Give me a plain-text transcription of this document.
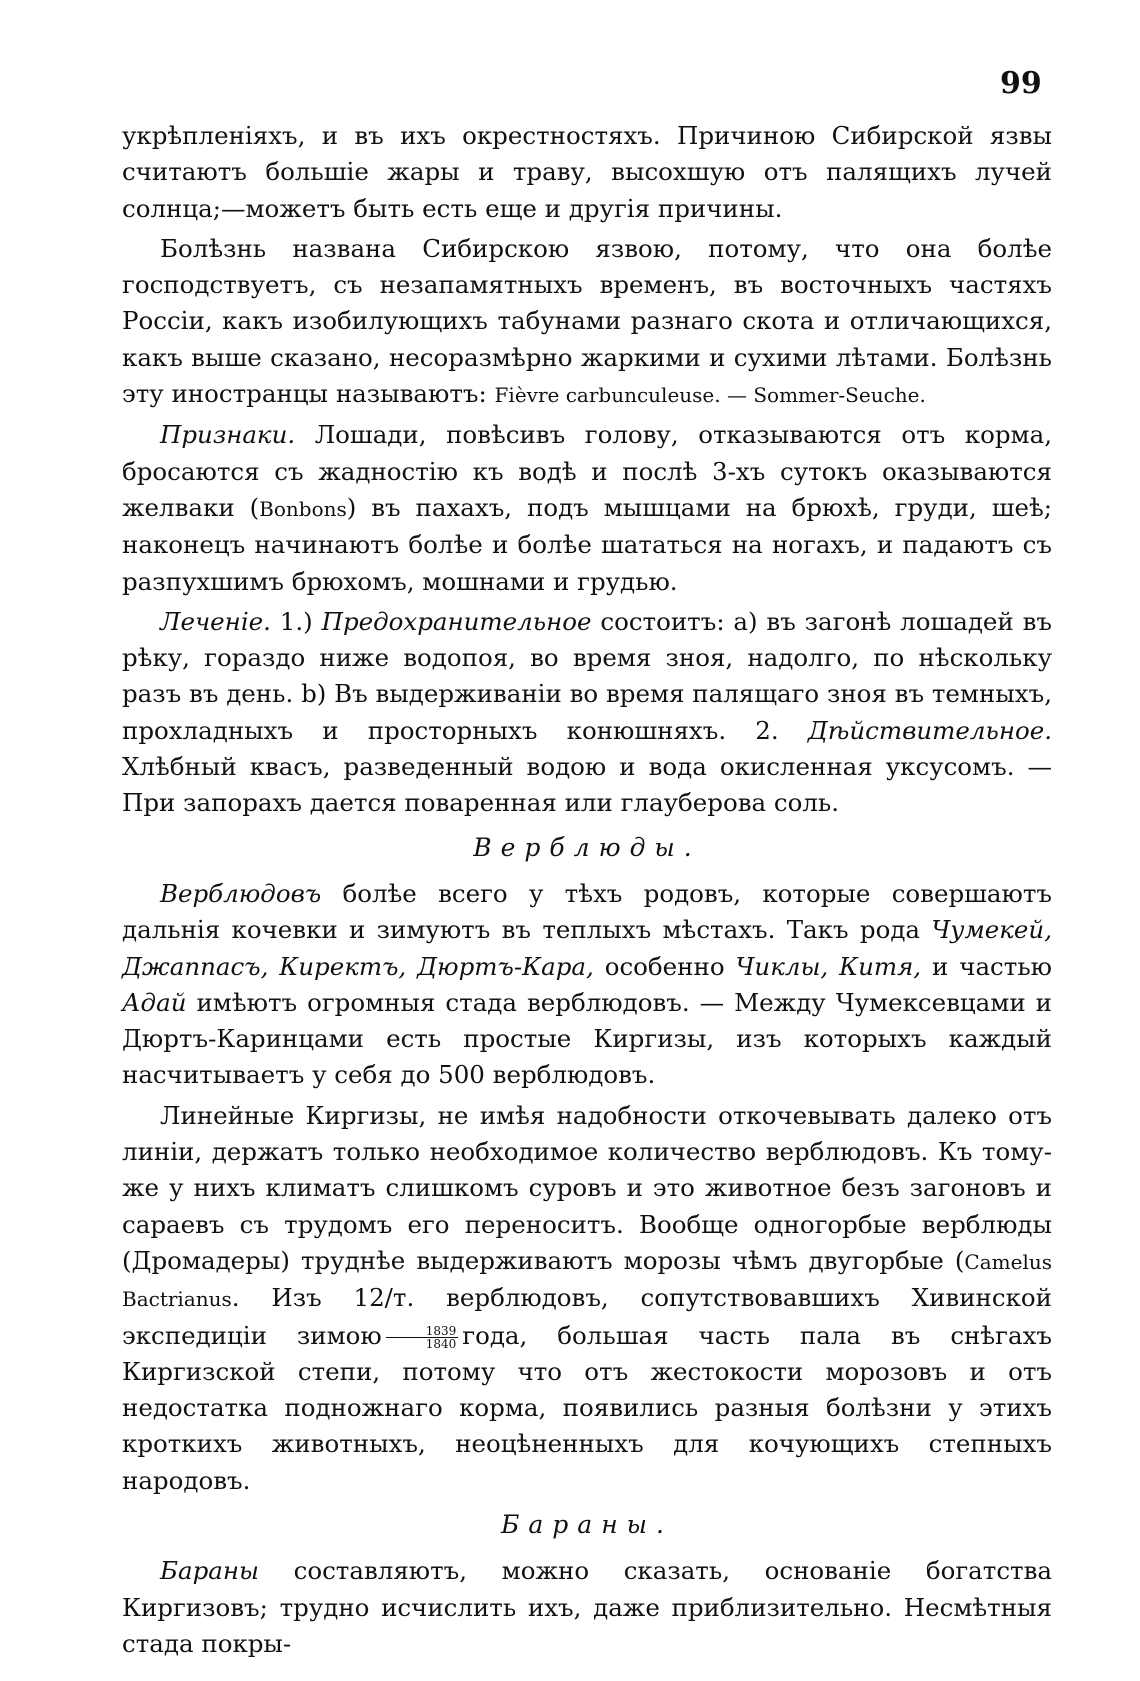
99

укрѣпленіяхъ, и въ ихъ окрестностяхъ. Причиною Сибирской язвы считаютъ большіе жары и траву, высохшую отъ палящихъ лучей солнца;—можетъ быть есть еще и другія причины.

Болѣзнь названа Сибирскою язвою, потому, что она болѣе господствуетъ, съ незапамятныхъ временъ, въ восточныхъ частяхъ Россіи, какъ изобилующихъ табунами разнаго скота и отличающихся, какъ выше сказано, несоразмѣрно жаркими и сухими лѣтами. Болѣзнь эту иностранцы называютъ: Fièvre carbunculeuse. — Sommer-Seuche.

Признаки. Лошади, повѣсивъ голову, отказываются отъ корма, бросаются съ жадностію къ водѣ и послѣ 3-хъ сутокъ оказываются желваки (Bonbons) въ пахахъ, подъ мышцами на брюхѣ, груди, шеѣ; наконецъ начинаютъ болѣе и болѣе шататься на ногахъ, и падаютъ съ разпухшимъ брюхомъ, мошнами и грудью.

Леченіе. 1.) Предохранительное состоитъ: a) въ загонѣ лошадей въ рѣку, гораздо ниже водопоя, во время зноя, надолго, по нѣскольку разъ въ день. b) Въ выдерживаніи во время палящаго зноя въ темныхъ, прохладныхъ и просторныхъ конюшняхъ. 2. Дѣйствительное. Хлѣбный квасъ, разведенный водою и вода окисленная уксусомъ. — При запорахъ дается поваренная или глауберова соль.

Верблюды.

Верблюдовъ болѣе всего у тѣхъ родовъ, которые совершаютъ дальнія кочевки и зимуютъ въ теплыхъ мѣстахъ. Такъ рода Чумекей, Джаппасъ, Киректъ, Дюртъ-Кара, особенно Чиклы, Китя, и частью Адай имѣютъ огромныя стада верблюдовъ. — Между Чумексевцами и Дюртъ-Каринцами есть простые Киргизы, изъ которыхъ каждый насчитываетъ у себя до 500 верблюдовъ.

Линейные Киргизы, не имѣя надобности откочевывать далеко отъ линіи, держатъ только необходимое количество верблюдовъ. Къ тому-же у нихъ климатъ слишкомъ суровъ и это животное безъ загоновъ и сараевъ съ трудомъ его переноситъ. Вообще одногорбые верблюды (Дромадеры) труднѣе выдерживаютъ морозы чѣмъ двугорбые (Camelus Bactrianus. Изъ 12/т. верблюдовъ, сопутствовавшихъ Хивинской экспедиціи зимою $\frac{1839}{1840}$ года, большая часть пала въ снѣгахъ Киргизской степи, потому что отъ жестокости морозовъ и отъ недостатка подножнаго корма, появились разныя болѣзни у этихъ кроткихъ животныхъ, неоцѣненныхъ для кочующихъ степныхъ народовъ.

Бараны.

Бараны составляютъ, можно сказать, основаніе богатства Киргизовъ; трудно исчислить ихъ, даже приблизительно. Несмѣтныя стада покры-
